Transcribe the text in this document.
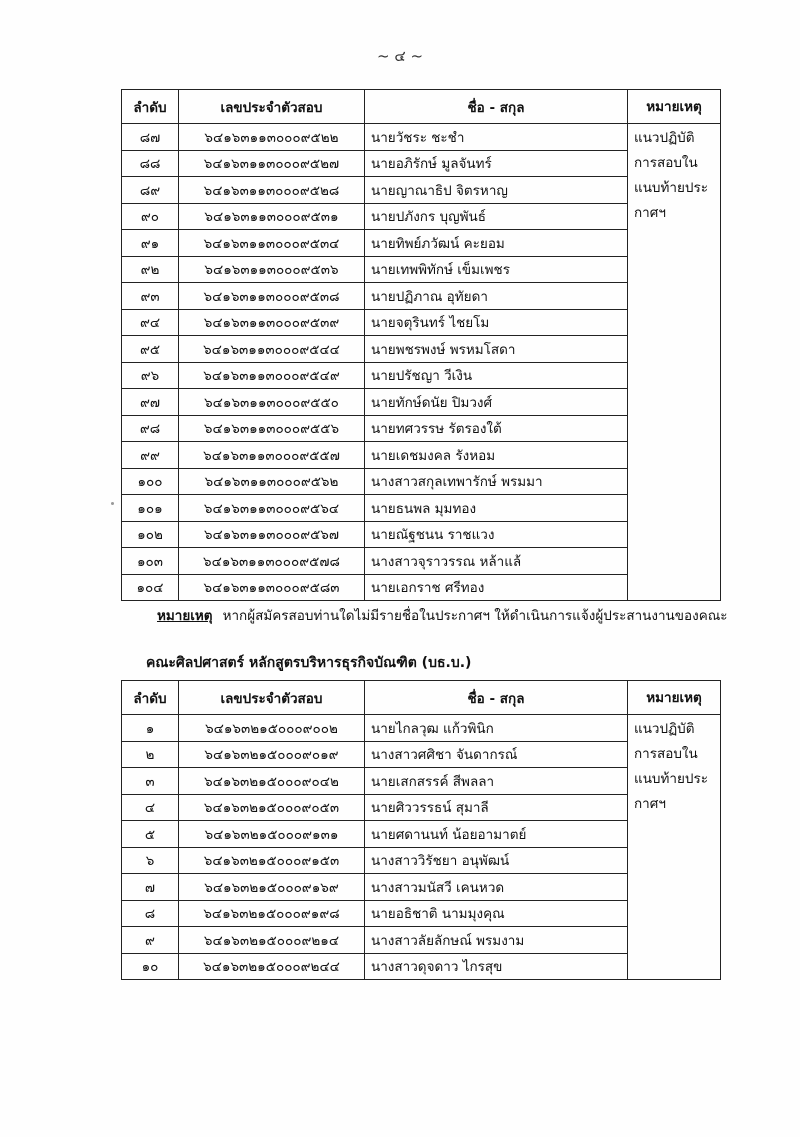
~ ๔ ~
ลำดับ	เลขประจำตัวสอบ	ชื่อ - สกุล	หมายเหตุ
๘๗	๖๔๑๖๓๑๑๓๐๐๐๙๕๒๒	นายวัชระ ชะชำ	แนวปฏิบัติการสอบในแนบท้ายประกาศฯ
๘๘	๖๔๑๖๓๑๑๓๐๐๐๙๕๒๗	นายอภิรักษ์ มูลจันทร์	
๘๙	๖๔๑๖๓๑๑๓๐๐๐๙๕๒๘	นายญาณาธิป จิตรหาญ	
๙๐	๖๔๑๖๓๑๑๓๐๐๐๙๕๓๑	นายปภังกร บุญพันธ์	
๙๑	๖๔๑๖๓๑๑๓๐๐๐๙๕๓๔	นายทิพย์ภวัฒน์ คะยอม	
๙๒	๖๔๑๖๓๑๑๓๐๐๐๙๕๓๖	นายเทพพิทักษ์ เข็มเพชร	
๙๓	๖๔๑๖๓๑๑๓๐๐๐๙๕๓๘	นายปฏิภาณ อุทัยดา	
๙๔	๖๔๑๖๓๑๑๓๐๐๐๙๕๓๙	นายจตุรินทร์ ไชยโม	
๙๕	๖๔๑๖๓๑๑๓๐๐๐๙๕๔๔	นายพชรพงษ์ พรหมโสดา	
๙๖	๖๔๑๖๓๑๑๓๐๐๐๙๕๔๙	นายปรัชญา วีเงิน	
๙๗	๖๔๑๖๓๑๑๓๐๐๐๙๕๕๐	นายทักษ์ดนัย ปิมวงศ์	
๙๘	๖๔๑๖๓๑๑๓๐๐๐๙๕๕๖	นายทศวรรษ รัตรองใต้	
๙๙	๖๔๑๖๓๑๑๓๐๐๐๙๕๕๗	นายเดชมงคล รังหอม	
๑๐๐	๖๔๑๖๓๑๑๓๐๐๐๙๕๖๒	นางสาวสกุลเทพารักษ์ พรมมา	
๑๐๑	๖๔๑๖๓๑๑๓๐๐๐๙๕๖๔	นายธนพล มุมทอง	
๑๐๒	๖๔๑๖๓๑๑๓๐๐๐๙๕๖๗	นายณัฐชนน ราชแวง	
๑๐๓	๖๔๑๖๓๑๑๓๐๐๐๙๕๗๘	นางสาวจุราวรรณ หล้าแล้	
๑๐๔	๖๔๑๖๓๑๑๓๐๐๐๙๕๘๓	นายเอกราช ศรีทอง	
หมายเหตุ หากผู้สมัครสอบท่านใดไม่มีรายชื่อในประกาศฯ ให้ดำเนินการแจ้งผู้ประสานงานของคณะ
คณะศิลปศาสตร์ หลักสูตรบริหารธุรกิจบัณฑิต (บธ.บ.)
ลำดับ	เลขประจำตัวสอบ	ชื่อ - สกุล	หมายเหตุ
๑	๖๔๑๖๓๒๑๕๐๐๐๙๐๐๒	นายไกลวุฒ แก้วพินิก	แนวปฏิบัติการสอบในแนบท้ายประกาศฯ
๒	๖๔๑๖๓๒๑๕๐๐๐๙๐๑๙	นางสาวศศิชา จันดากรณ์	
๓	๖๔๑๖๓๒๑๕๐๐๐๙๐๔๒	นายเสกสรรค์ สีพลลา	
๔	๖๔๑๖๓๒๑๕๐๐๐๙๐๕๓	นายศิววรรธน์ สุมาลี	
๕	๖๔๑๖๓๒๑๕๐๐๐๙๑๓๑	นายศดานนท์ น้อยอามาตย์	
๖	๖๔๑๖๓๒๑๕๐๐๐๙๑๕๓	นางสาววิรัชยา อนุพัฒน์	
๗	๖๔๑๖๓๒๑๕๐๐๐๙๑๖๙	นางสาวมนัสวี เคนหวด	
๘	๖๔๑๖๓๒๑๕๐๐๐๙๑๙๘	นายอธิชาติ นามมุงคุณ	
๙	๖๔๑๖๓๒๑๕๐๐๐๙๒๑๔	นางสาวลัยลักษณ์ พรมงาม	
๑๐	๖๔๑๖๓๒๑๕๐๐๐๙๒๔๔	นางสาวดุจดาว ไกรสุข	
